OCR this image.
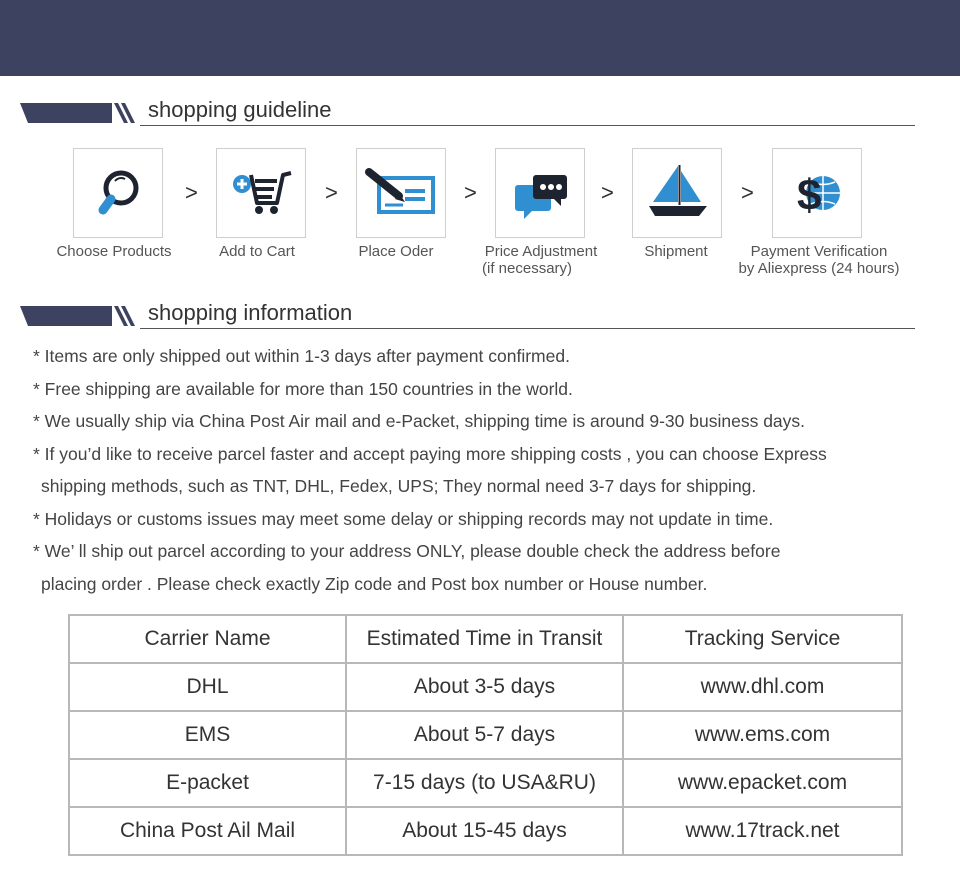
shopping guideline
>	>	>	>	> $
Choose Products	Add to Cart	Place Oder	Price Adjustment
(if necessary)
Shipment	Payment Verification
by Aliexpress (24 hours)
shopping information
* Items are only shipped out within 1-3 days after payment confirmed.
* Free shipping are available for more than 150 countries in the world.
* We usually ship via China Post Air mail and e-Packet, shipping time is around 9-30 business days.
* If you’d like to receive parcel faster and accept paying more shipping costs , you can choose Express
shipping methods, such as TNT, DHL, Fedex, UPS; They normal need 3-7 days for shipping.
* Holidays or customs issues may meet some delay or shipping records may not update in time.
* We’ ll ship out parcel according to your address ONLY, please double check the address before
placing order . Please check exactly Zip code and Post box number or House number.
Carrier Name	Estimated Time in Transit	Tracking Service
DHL	About 3-5 days	www.dhl.com
EMS	About 5-7 days	www.ems.com
E-packet	7-15 days (to USA&RU)	www.epacket.com
China Post Ail Mail	About 15-45 days	www.17track.net
